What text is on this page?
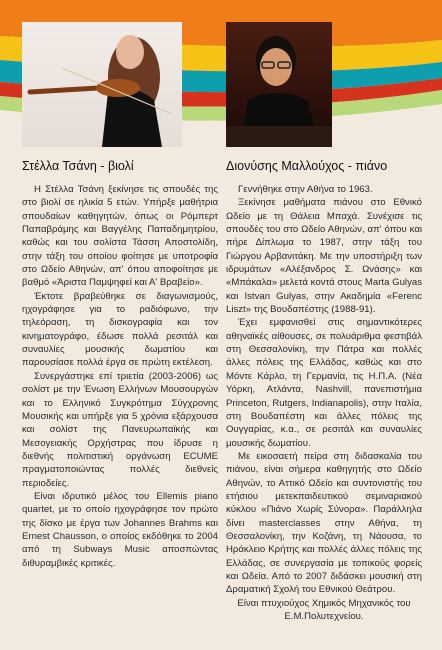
Στέλλα Τσάνη - βιολί

Η Στέλλα Τσάνη ξεκίνησε τις σπουδές της στο βιολί σε ηλικία 5 ετών. Υπήρξε μαθήτρια σπουδαίων καθηγητών, όπως οι Ρόμπερτ Παπαβράμης και Βαγγέλης Παπαδημητρίου, καθώς και του σολίστα Τάσση Αποστολίδη, στην τάξη του οποίου φοίτησε με υποτροφία στο Ωδείο Αθηνών, απ' όπου αποφοίτησε με βαθμό «Άριστα Παμψηφεί και Α' Βραβείο».

Έκτοτε βραβεύθηκε σε διαγωνισμούς, ηχογράφησε για το ραδιόφωνο, την τηλεόραση, τη δισκογραφία και τον κινηματογράφο, έδωσε πολλά ρεσιτάλ και συναυλίες μουσικής δωματίου και παρουσίασε πολλά έργα σε πρώτη εκτέλεση.

Συνεργάστηκε επί τριετία (2003-2006) ως σολίστ με την Ένωση Ελλήνων Μουσουργών και το Ελληνικό Συγκρότημα Σύγχρονης Μουσικής και υπήρξε για 5 χρόνια εξάρχουσα και σολίστ της Πανευρωπαϊκής και Μεσογειακής Ορχήστρας που ίδρυσε η διεθνής πολιτιστική οργάνωση ECUME πραγματοποιώντας πολλές διεθνείς περιοδείες.

Είναι ιδρυτικό μέλος του Ellemis piano quartet, με το οποίο ηχογράφησε τον πρώτο της δίσκο με έργα των Johannes Brahms και Ernest Chausson, ο οποίος εκδόθηκε το 2004 από τη Subways Music αποσπώντας διθυραμβικές κριτικές.

Διονύσης Μαλλούχος - πιάνο

Γεννήθηκε στην Αθήνα το 1963.

Ξεκίνησε μαθήματα πιάνου στο Εθνικό Ωδείο με τη Θάλεια Μπαχά. Συνέχισε τις σπουδές του στο Ωδείο Αθηνών, απ' όπου και πήρε Δίπλωμα το 1987, στην τάξη του Γιώργου Αρβανιτάκη. Με την υποστήριξη των ιδρυμάτων «Αλέξανδρος Σ. Ωνάσης» και «Μπάκαλα» μελετά κοντά στους Marta Gulyas και Istvan Gulyas, στην Ακαδημία «Ferenc Liszt» της Βουδαπέστης (1988-91).

Έχει εμφανισθεί στις σημαντικότερες αθηναϊκές αίθουσες, σε πολυάριθμα φεστιβάλ στη Θεσσαλονίκη, την Πάτρα και πολλές άλλες πόλεις της Ελλάδας, καθώς και στο Μόντε Κάρλο, τη Γερμανία, τις Η.Π.Α. (Νέα Υόρκη, Ατλάντα, Nashvill, πανεπιστήμια Princeton, Rutgers, Indianapolis), στην Ιταλία, στη Βουδαπέστη και άλλες πόλεις της Ουγγαρίας, κ.α., σε ρεσιτάλ και συναυλίες μουσικής δωματίου.

Με εικοσαετή πείρα στη διδασκαλία του πιάνου, είναι σήμερα καθηγητής στο Ωδείο Αθηνών, το Αττικό Ωδείο και συντονιστής του ετήσιου μετεκπαιδευτικού σεμιναριακού κύκλου «Πιάνο Χωρίς Σύνορα». Παράλληλα δίνει masterclasses στην Αθήνα, τη Θεσσαλονίκη, την Κοζάνη, τη Νάουσα, το Ηράκλειο Κρήτης και πολλές άλλες πόλεις της Ελλάδας, σε συνεργασία με τοπικούς φορείς και Ωδεία. Από το 2007 διδάσκει μουσική στη Δραματική Σχολή του Εθνικού Θεάτρου.

Είναι πτυχιούχος Χημικός Μηχανικός του Ε.Μ.Πολυτεχνείου.
